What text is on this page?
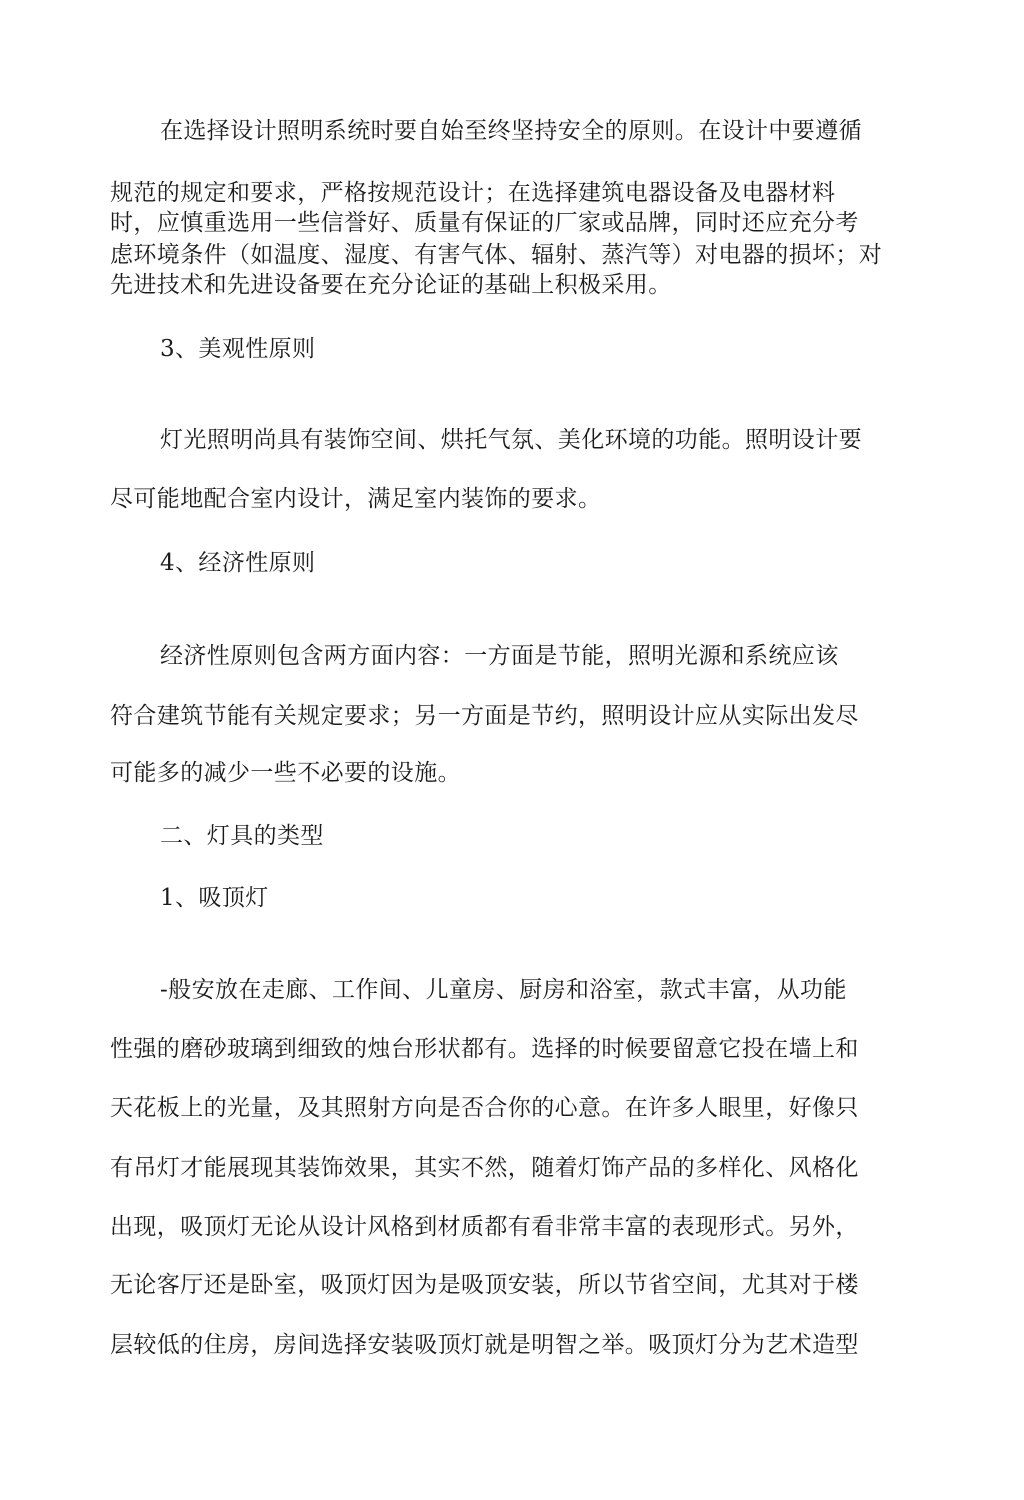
在选择设计照明系统时要自始至终坚持安全的原则。在设计中要遵循
规范的规定和要求，严格按规范设计；在选择建筑电器设备及电器材料
时，应慎重选用一些信誉好、质量有保证的厂家或品牌，同时还应充分考
虑环境条件（如温度、湿度、有害气体、辐射、蒸汽等）对电器的损坏；对
先进技术和先进设备要在充分论证的基础上积极采用。
3、美观性原则
灯光照明尚具有装饰空间、烘托气氛、美化环境的功能。照明设计要
尽可能地配合室内设计，满足室内装饰的要求。
4、经济性原则
经济性原则包含两方面内容：一方面是节能，照明光源和系统应该
符合建筑节能有关规定要求；另一方面是节约，照明设计应从实际出发尽
可能多的减少一些不必要的设施。
二、灯具的类型
1、吸顶灯
-般安放在走廊、工作间、儿童房、厨房和浴室，款式丰富，从功能
性强的磨砂玻璃到细致的烛台形状都有。选择的时候要留意它投在墙上和
天花板上的光量，及其照射方向是否合你的心意。在许多人眼里，好像只
有吊灯才能展现其装饰效果，其实不然，随着灯饰产品的多样化、风格化
出现，吸顶灯无论从设计风格到材质都有看非常丰富的表现形式。另外，
无论客厅还是卧室，吸顶灯因为是吸顶安装，所以节省空间，尤其对于楼
层较低的住房，房间选择安装吸顶灯就是明智之举。吸顶灯分为艺术造型
